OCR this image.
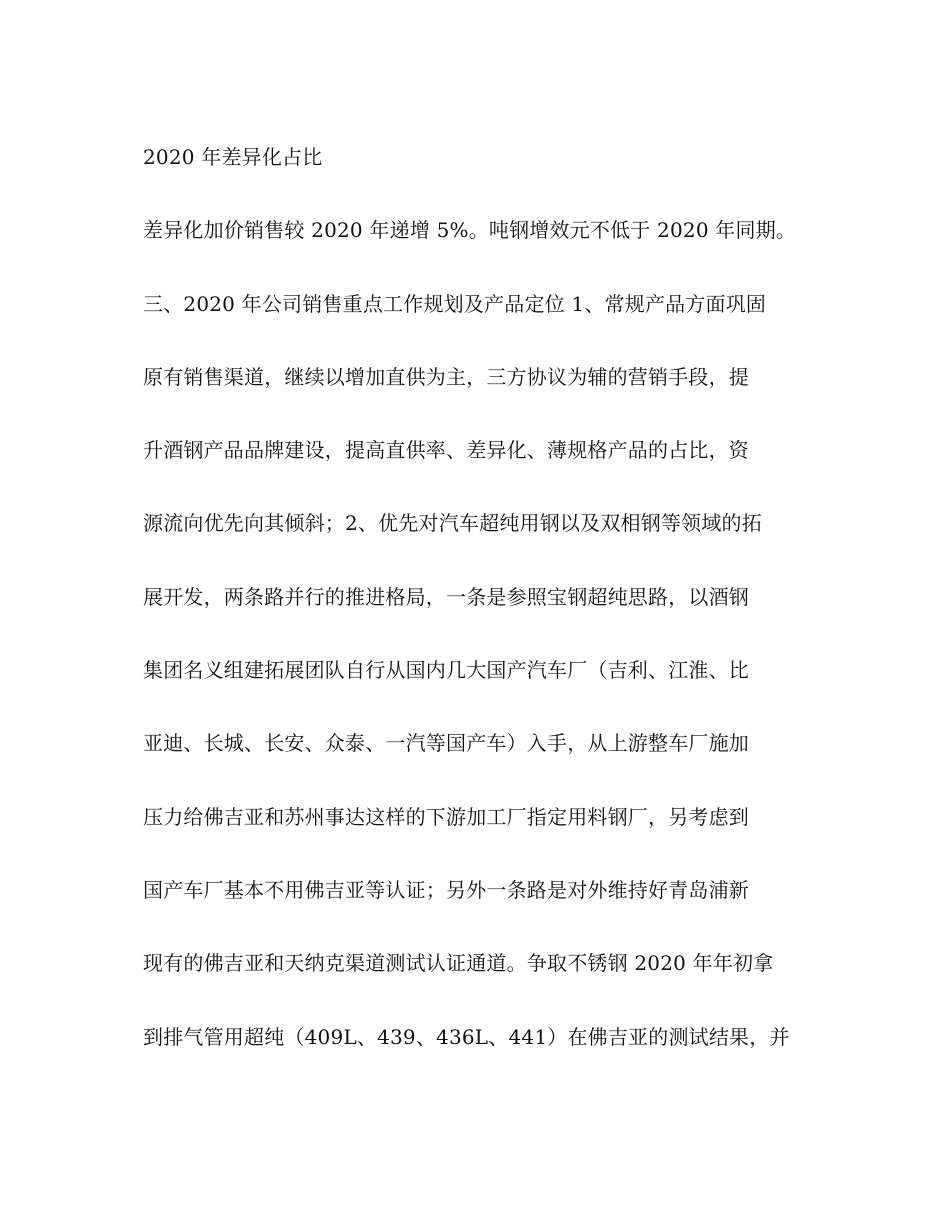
2020 年差异化占比
差异化加价销售较 2020 年递增 5%。吨钢增效元不低于 2020 年同期。
三、2020 年公司销售重点工作规划及产品定位 1、常规产品方面巩固
原有销售渠道，继续以增加直供为主，三方协议为辅的营销手段，提
升酒钢产品品牌建设，提高直供率、差异化、薄规格产品的占比，资
源流向优先向其倾斜；2、优先对汽车超纯用钢以及双相钢等领域的拓
展开发，两条路并行的推进格局，一条是参照宝钢超纯思路，以酒钢
集团名义组建拓展团队自行从国内几大国产汽车厂（吉利、江淮、比
亚迪、长城、长安、众泰、一汽等国产车）入手，从上游整车厂施加
压力给佛吉亚和苏州事达这样的下游加工厂指定用料钢厂，另考虑到
国产车厂基本不用佛吉亚等认证；另外一条路是对外维持好青岛浦新
现有的佛吉亚和天纳克渠道测试认证通道。争取不锈钢 2020 年年初拿
到排气管用超纯（409L、439、436L、441）在佛吉亚的测试结果，并
